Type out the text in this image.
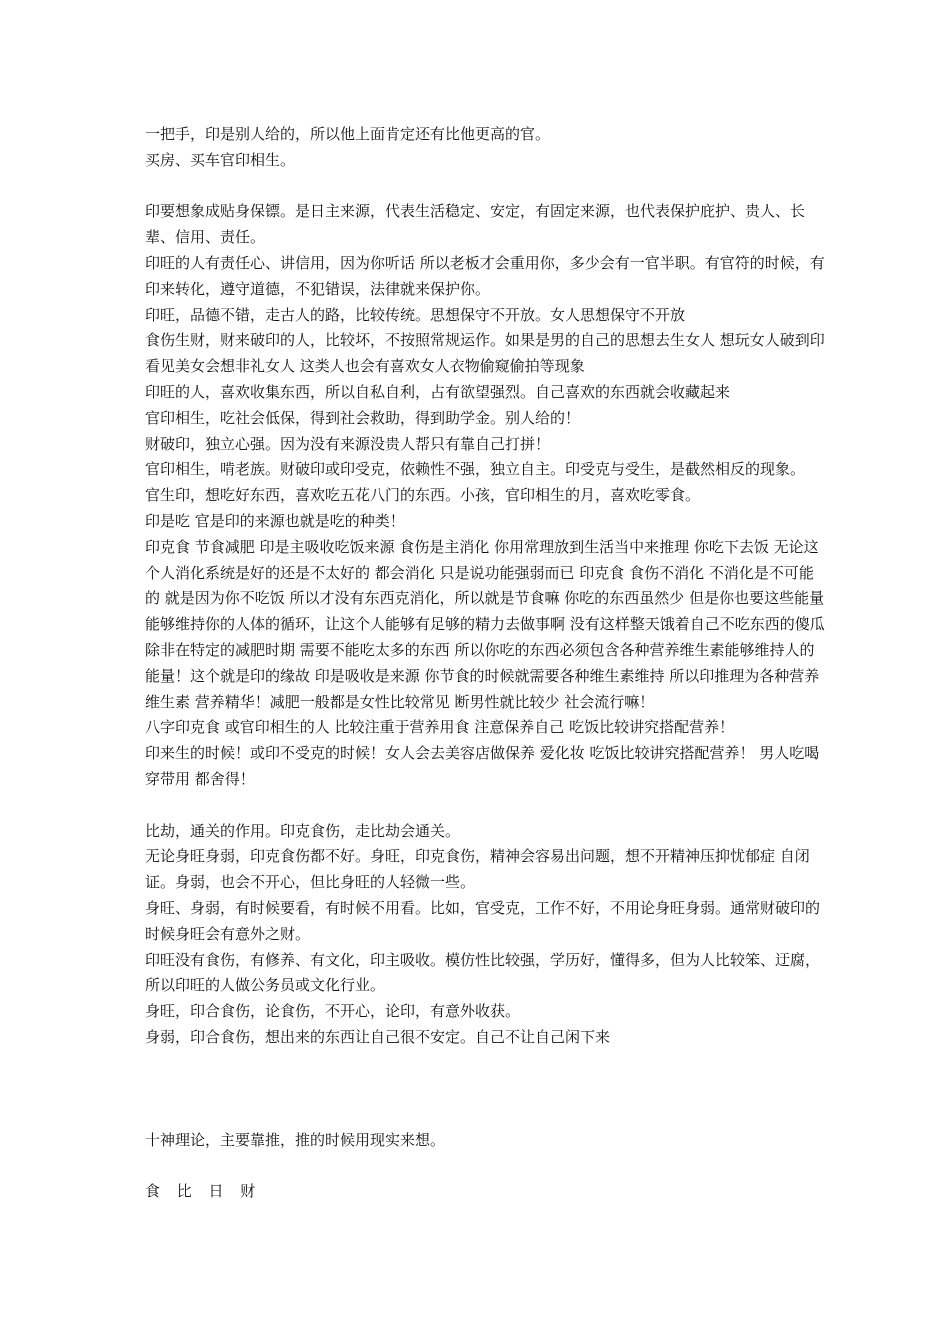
一把手，印是别人给的，所以他上面肯定还有比他更高的官。

买房、买车官印相生。

印要想象成贴身保镖。是日主来源，代表生活稳定、安定，有固定来源，也代表保护庇护、贵人、长辈、信用、责任。

印旺的人有责任心、讲信用，因为你听话 所以老板才会重用你，多少会有一官半职。有官符的时候，有印来转化，遵守道德，不犯错误，法律就来保护你。

印旺，品德不错，走古人的路，比较传统。思想保守不开放。女人思想保守不开放

食伤生财，财来破印的人，比较坏，不按照常规运作。如果是男的自己的思想去生女人 想玩女人破到印看见美女会想非礼女人 这类人也会有喜欢女人衣物偷窥偷拍等现象

印旺的人，喜欢收集东西，所以自私自利，占有欲望强烈。自己喜欢的东西就会收藏起来

官印相生，吃社会低保，得到社会救助，得到助学金。别人给的！

财破印，独立心强。因为没有来源没贵人帮只有靠自己打拼！

官印相生，啃老族。财破印或印受克，依赖性不强，独立自主。印受克与受生，是截然相反的现象。

官生印，想吃好东西，喜欢吃五花八门的东西。小孩，官印相生的月，喜欢吃零食。

印是吃 官是印的来源也就是吃的种类！

印克食 节食减肥 印是主吸收吃饭来源 食伤是主消化 你用常理放到生活当中来推理 你吃下去饭 无论这个人消化系统是好的还是不太好的 都会消化 只是说功能强弱而已 印克食 食伤不消化 不消化是不可能的 就是因为你不吃饭 所以才没有东西克消化，所以就是节食嘛 你吃的东西虽然少 但是你也要这些能量能够维持你的人体的循环，让这个人能够有足够的精力去做事啊 没有这样整天饿着自己不吃东西的傻瓜 除非在特定的减肥时期 需要不能吃太多的东西 所以你吃的东西必须包含各种营养维生素能够维持人的能量！这个就是印的缘故 印是吸收是来源 你节食的时候就需要各种维生素维持 所以印推理为各种营养维生素 营养精华！减肥一般都是女性比较常见 断男性就比较少 社会流行嘛！

八字印克食 或官印相生的人 比较注重于营养用食 注意保养自己 吃饭比较讲究搭配营养！

印来生的时候！或印不受克的时候！女人会去美容店做保养 爱化妆 吃饭比较讲究搭配营养！ 男人吃喝穿带用 都舍得！

比劫，通关的作用。印克食伤，走比劫会通关。

无论身旺身弱，印克食伤都不好。身旺，印克食伤，精神会容易出问题，想不开精神压抑忧郁症 自闭证。身弱，也会不开心，但比身旺的人轻微一些。

身旺、身弱，有时候要看，有时候不用看。比如，官受克，工作不好，不用论身旺身弱。通常财破印的时候身旺会有意外之财。

印旺没有食伤，有修养、有文化，印主吸收。模仿性比较强，学历好，懂得多，但为人比较笨、迂腐，所以印旺的人做公务员或文化行业。

身旺，印合食伤，论食伤，不开心，论印，有意外收获。

身弱，印合食伤，想出来的东西让自己很不安定。自己不让自己闲下来

十神理论，主要靠推，推的时候用现实来想。

食 比 日 财
